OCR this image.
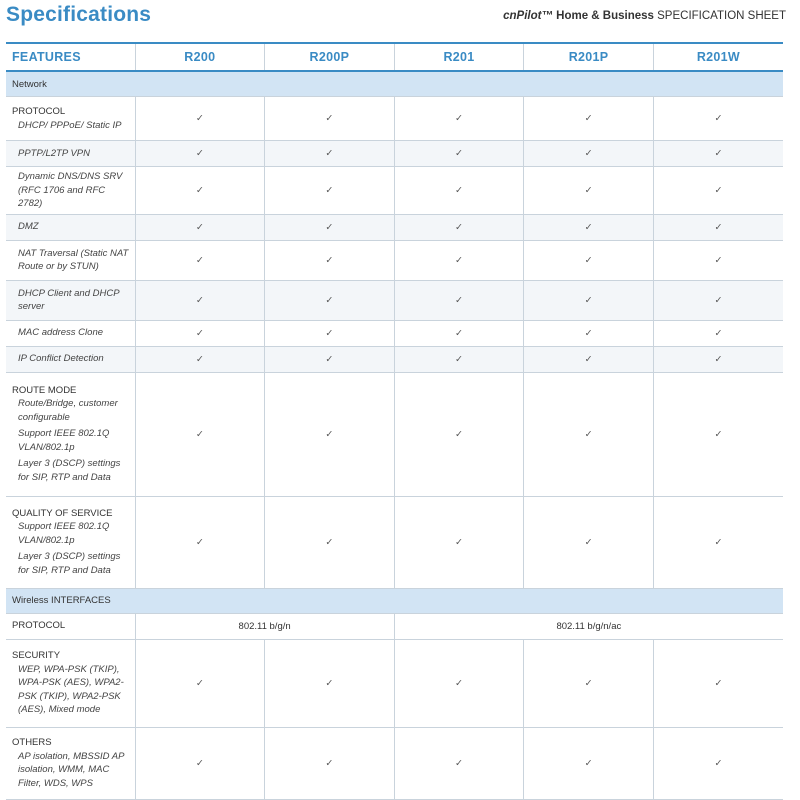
Specifications	cnPilot™ Home & Business SPECIFICATION SHEET
FEATURES	R200	R200P	R201	R201P	R201W
Network					

PROTOCOL
DHCP/ PPPoE/ Static IP	✓	✓	✓	✓	✓

PPTP/L2TP VPN	✓	✓	✓	✓	✓

Dynamic DNS/DNS SRV (RFC 1706 and RFC 2782)	✓	✓	✓	✓	✓

DMZ	✓	✓	✓	✓	✓

NAT Traversal (Static NAT Route or by STUN)	✓	✓	✓	✓	✓

DHCP Client and DHCP server	✓	✓	✓	✓	✓

MAC address Clone	✓	✓	✓	✓	✓

IP Conflict Detection	✓	✓	✓	✓	✓

ROUTE MODE
Route/Bridge, customer configurable
Support IEEE 802.1Q VLAN/802.1p
Layer 3 (DSCP) settings for SIP, RTP and Data	✓	✓	✓	✓	✓

QUALITY OF SERVICE
Support IEEE 802.1Q VLAN/802.1p
Layer 3 (DSCP) settings for SIP, RTP and Data	✓	✓	✓	✓	✓
Wireless INTERFACES					

PROTOCOL	802.11 b/g/n		802.11 b/g/n/ac		

SECURITY
WEP, WPA-PSK (TKIP), WPA-PSK (AES), WPA2-PSK (TKIP), WPA2-PSK (AES), Mixed mode	✓	✓	✓	✓	✓

OTHERS
AP isolation, MBSSID AP isolation, WMM, MAC Filter, WDS, WPS	✓	✓	✓	✓	✓
